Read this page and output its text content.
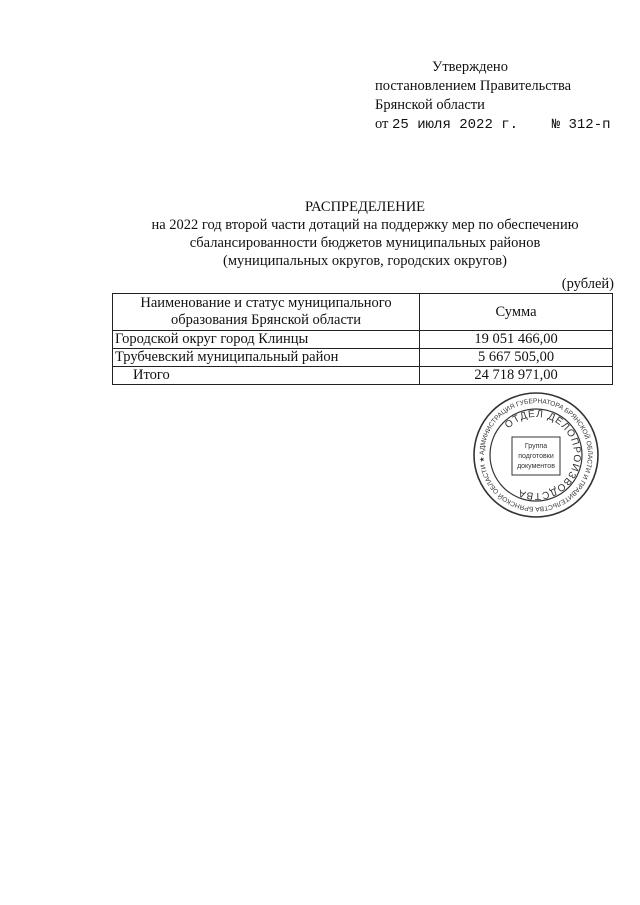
Утверждено
постановлением Правительства
Брянской области
от 25 июля 2022 г. № 312-п
РАСПРЕДЕЛЕНИЕ
на 2022 год второй части дотаций на поддержку мер по обеспечению
сбалансированности бюджетов муниципальных районов
(муниципальных округов, городских округов)
(рублей)
Наименование и статус муниципального образования Брянской области	Сумма
Городской округ город Клинцы	19 051 466,00
Трубчевский муниципальный район	5 667 505,00
Итого	24 718 971,00
АДМИНИСТРАЦИЯ ГУБЕРНАТОРА БРЯНСКОЙ ОБЛАСТИ И ПРАВИТЕЛЬСТВА БРЯНСКОЙ ОБЛАСТИ ★
ОТДЕЛ ДЕЛОПРОИЗВОДСТВА
Группа
подготовки
документов
